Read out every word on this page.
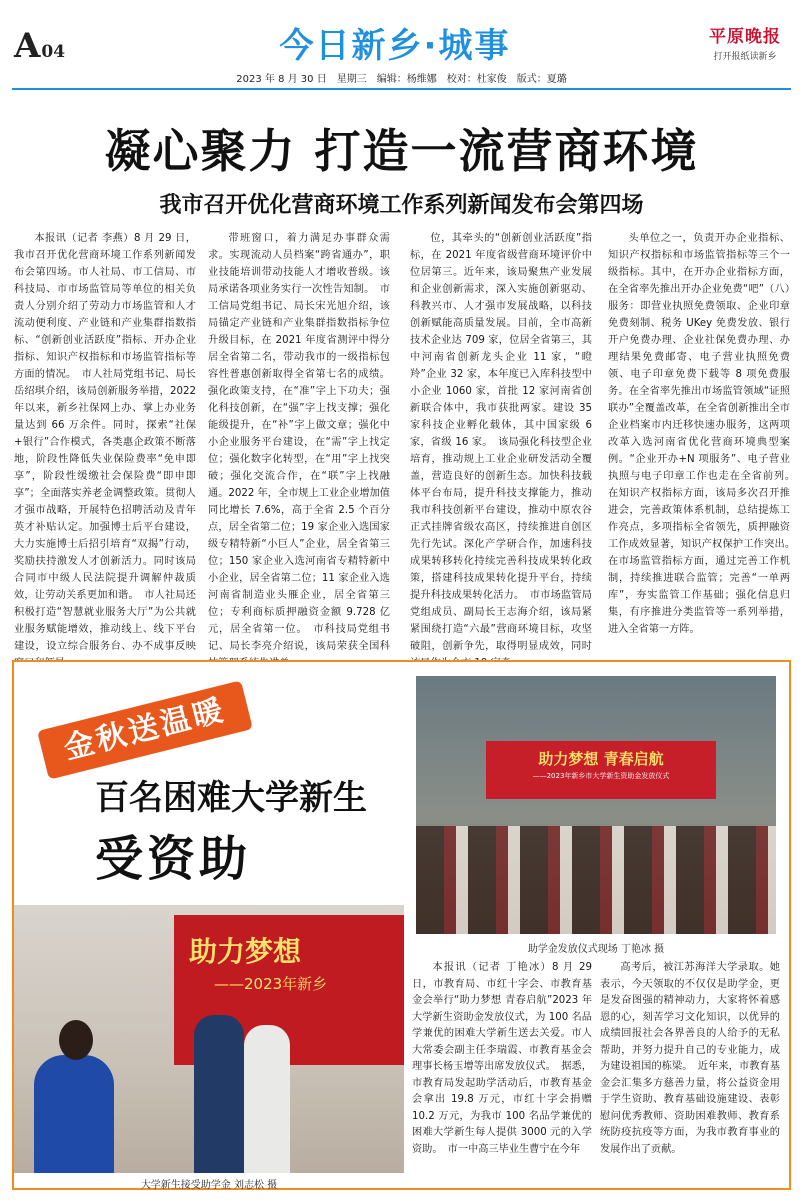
A 04	今日新乡·城事	平原晚报
打开报纸读新乡
2023 年 8 月 30 日　星期三　编辑：杨维娜　校对：杜家俊　版式：夏璐
凝心聚力 打造一流营商环境
我市召开优化营商环境工作系列新闻发布会第四场

本报讯（记者 李燕）8 月 29 日，我市召开优化营商环境工作系列新闻发布会第四场。市人社局、市工信局、市科技局、市市场监管局等单位的相关负责人分别介绍了劳动力市场监管和人才流动便利度、产业链和产业集群指数指标、“创新创业活跃度”指标、开办企业指标、知识产权指标和市场监管指标等方面的情况。　市人社局党组书记、局长岳绍琪介绍，该局创新服务举措，2022 年以来，新乡社保网上办、掌上办业务量达到 66 万余件。同时，探索“社保+银行”合作模式，各类惠企政策不断落地，阶段性降低失业保险费率“免申即享”，阶段性缓缴社会保险费“即申即享”；全面落实养老金调整政策。贯彻人才强市战略，开展特色招聘活动及青年英才补贴认定。加强博士后平台建设，大力实施博士后招引培育“双揭”行动，奖励扶持激发人才创新活力。同时该局合同市中级人民法院提升调解仲裁质效，让劳动关系更加和谐。　市人社局还积极打造“智慧就业服务大厅”为公共就业服务赋能增效，推动线上、线下平台建设，设立综合服务台、办不成事反映

带班窗口，着力满足办事群众需求。实现流动人员档案“跨省通办”，职业技能培训带动技能人才增收普级。该局承诺各项业务实行一次性告知制。　市工信局党组书记、局长宋光旭介绍，该局锚定产业链和产业集群指数指标争位升级目标，在 2021 年度省测评中得分居全省第二名，带动我市的一级指标包容性普惠创新取得全省第七名的成绩。强化政策支持，在“准”字上下功夫；强化科技创新，在“强”字上找支撑；强化能级提升，在“补”字上做文章；强化中小企业服务平台建设，在“需”字上找定位；强化数字化转型，在“用”字上找突破；强化交流合作，在“联”字上找融通。2022 年，全市规上工业企业增加值同比增长 7.6%，高于全省 2.5 个百分点，居全省第二位；19 家企业入选国家级专精特新“小巨人”企业，居全省第三位；150 家企业入选河南省专精特新中小企业，居全省第二位；11 家企业入选河南省制造业头雁企业，居全省第三位；专利商标质押融资金额 9.728 亿元，居全省第一位。　市科技局党组书记、局长李亮介绍说，该局荣获全国科

位，其牵头的“创新创业活跃度”指标，在 2021 年度省级营商环境评价中位居第三。近年来，该局聚焦产业发展和企业创新需求，深入实施创新驱动、科教兴市、人才强市发展战略，以科技创新赋能高质量发展。目前，全市高新技术企业达 709 家，位居全省第三，其中河南省创新龙头企业 11 家，“瞪羚”企业 32 家，本年度已入库科技型中小企业 1060 家，首批 12 家河南省创新联合体中，我市获批两家。建设 35 家科技企业孵化载体，其中国家级 6 家，省级 16 家。　该局强化科技型企业培育，推动规上工业企业研发活动全覆盖，营造良好的创新生态。加快科技载体平台布局，提升科技支撑能力，推动我市科技创新平台建设，推动中原农谷正式挂牌省级农高区，持续推进自创区先行先试。深化产学研合作，加速科技成果转移转化持续完善科技成果转化政策，搭建科技成果转化提升平台，持续提升科技成果转化活力。　市市场监管局党组成员、副局长王志海介绍，该局紧紧围绕打造“六最”营商环境目标，攻坚破阻，创新争先，取得明显成效，同时

头单位之一，负责开办企业指标、知识产权指标和市场监管指标等三个一级指标。其中，在开办企业指标方面，在全省率先推出开办企业免费“吧”（八）服务：即营业执照免费领取、企业印章免费刻制、税务 UKey 免费发放、银行开户免费办理、企业社保免费办理、办理结果免费邮寄、电子营业执照免费领、电子印章免费下载等 8 项免费服务。在全省率先推出市场监管领域“证照联办”全覆盖改革，在全省创新推出全市企业档案市内迁移快速办服务，这两项改革入选河南省优化营商环境典型案例。“企业开办+N 项服务”、电子营业执照与电子印章工作也走在全省前列。　在知识产权指标方面，该局多次召开推进会，完善政策体系机制，总结提炼工作亮点，多项指标全省领先，质押融资工作成效显著，知识产权保护工作突出。　在市场监管指标方面，通过完善工作机制，持续推进联合监管；完善“一单两库”，夯实监管工作基础；强化信息归集，有序推进分类监管等一系列举措，进入全省第一方阵。

金秋送温暖
百名困难大学新生
受资助
助力梦想 青春启航
——2023年新乡市大学新生资助金发放仪式
助学金发放仪式现场 丁艳冰 摄
助力梦想
——2023年新乡
大学新生接受助学金 刘志松 摄

本报讯（记者 丁艳冰）8 月 29 日，市教育局、市红十字会、市教育基金会举行“助力梦想 青春启航”2023 年大学新生资助金发放仪式，为 100 名品学兼优的困难大学新生送去关爱。市人大常委会副主任李瑞霞、市教育基金会理事长杨玉增等出席发放仪式。　据悉，市教育局发起助学活动后，市教育基金会拿出 19.8 万元，市红十字会捐赠 10.2 万元，为我市 100 名品学兼优的困难大学新生每人提供 3000 元的入学资助。　市一中高三毕业生曹宁在今年

高考后，被江苏海洋大学录取。她表示，今天领取的不仅仅是助学金，更是发奋图强的精神动力，大家将怀着感恩的心，刻苦学习文化知识，以优异的成绩回报社会各界善良的人给予的无私帮助，并努力提升自己的专业能力，成为建设祖国的栋梁。　近年来，市教育基金会汇集多方慈善力量，将公益资金用于学生资助、教育基础设施建设、表彰慰问优秀教师、资助困难教师、教育系统防疫抗疫等方面，为我市教育事业的发展作出了贡献。
